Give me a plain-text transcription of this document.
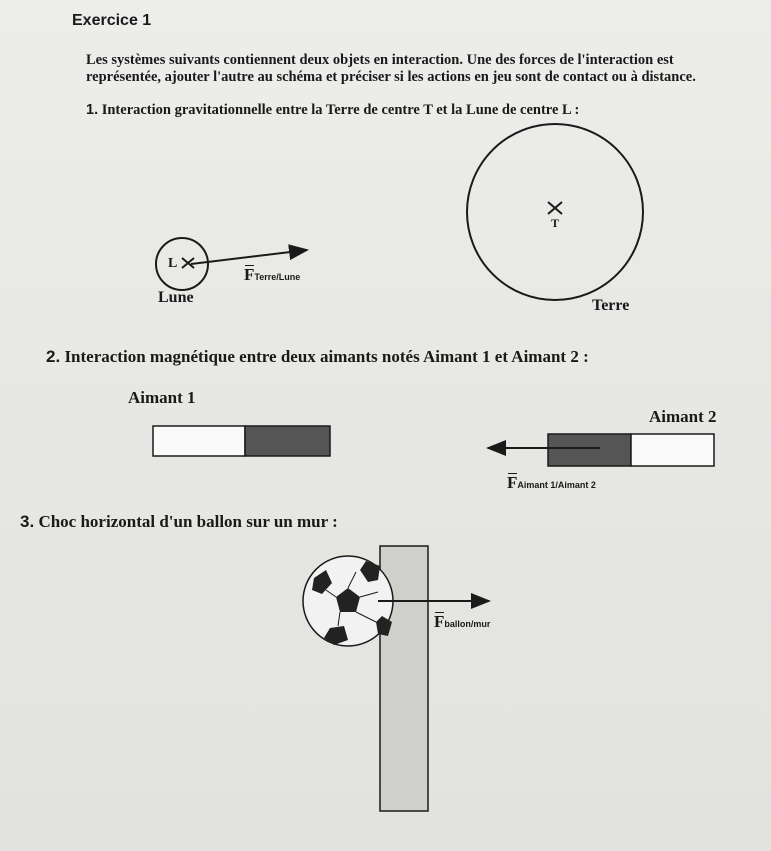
Exercice 1
Les systèmes suivants contiennent deux objets en interaction. Une des forces de l'interaction est représentée, ajouter l'autre au schéma et préciser si les actions en jeu sont de contact ou à distance.
1. Interaction gravitationnelle entre la Terre de centre T et la Lune de centre L :
T
L
Lune	Terre
FTerre/Lune
2. Interaction magnétique entre deux aimants notés Aimant 1 et Aimant 2 :
Aimant 1
Aimant 2
FAimant 1/Aimant 2
3. Choc horizontal d'un ballon sur un mur :
Fballon/mur
